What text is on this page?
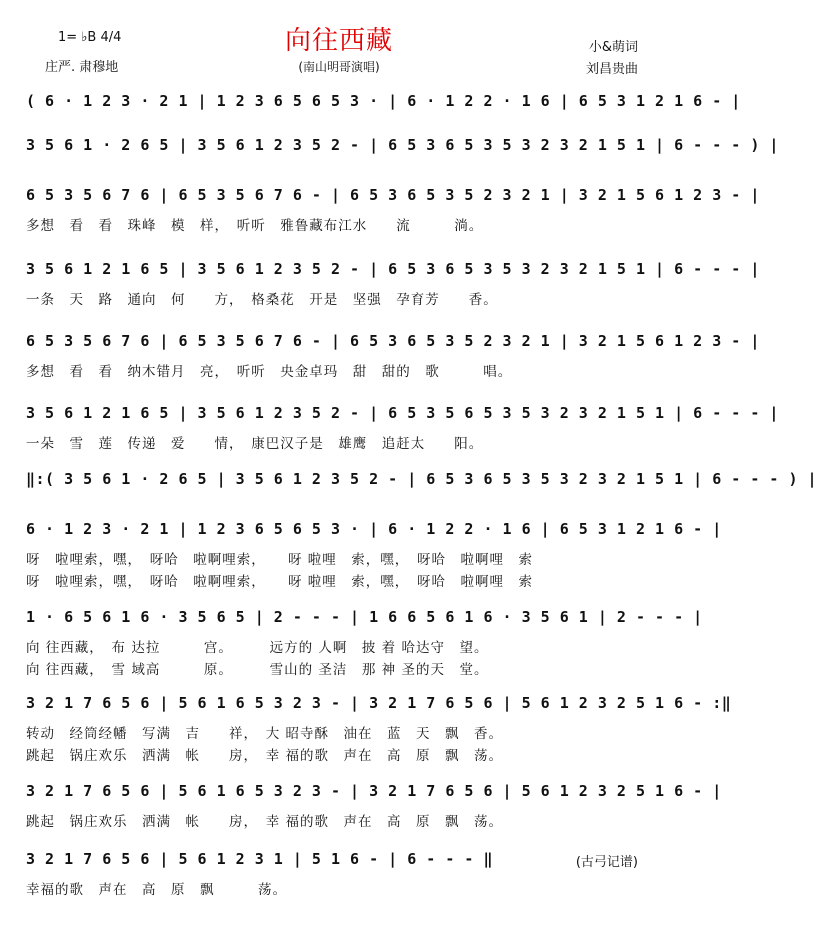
1= ♭B 4/4
庄严. 肃穆地
向往西藏
(南山明哥演唱)
小&萌词
刘昌贵曲
( 6 · 1 2 3 · 2 1 | 1 2 3 6 5 6 5 3 · | 6 · 1 2 2 · 1 6 | 6 5 3 1 2 1 6 - |
3 5 6 1 · 2 6 5 | 3 5 6 1 2 3 5 2 - | 6 5 3 6 5 3 5 3 2 3 2 1 5 1 | 6 - - - ) |
6 5 3 5 6 7 6 | 6 5 3 5 6 7 6 - | 6 5 3 6 5 3 5 2 3 2 1 | 3 2 1 5 6 1 2 3 - |
多想　看　看　珠峰　模　样，　听听　雅鲁藏布江水　　流　　　淌。
3 5 6 1 2 1 6 5 | 3 5 6 1 2 3 5 2 - | 6 5 3 6 5 3 5 3 2 3 2 1 5 1 | 6 - - - |
一条　天　路　通向　何　　方，　格桑花　开是　坚强　孕育芳　　香。
6 5 3 5 6 7 6 | 6 5 3 5 6 7 6 - | 6 5 3 6 5 3 5 2 3 2 1 | 3 2 1 5 6 1 2 3 - |
多想　看　看　纳木错月　亮，　听听　央金卓玛　甜　甜的　歌　　　唱。
3 5 6 1 2 1 6 5 | 3 5 6 1 2 3 5 2 - | 6 5 3 5 6 5 3 5 3 2 3 2 1 5 1 | 6 - - - |
一朵　雪　莲　传递　爱　　情，　康巴汉子是　雄鹰　追赶太　　阳。
‖:( 3 5 6 1 · 2 6 5 | 3 5 6 1 2 3 5 2 - | 6 5 3 6 5 3 5 3 2 3 2 1 5 1 | 6 - - - ) |
6 · 1 2 3 · 2 1 | 1 2 3 6 5 6 5 3 · | 6 · 1 2 2 · 1 6 | 6 5 3 1 2 1 6 - |
呀　啦哩索，嘿，　呀哈　啦啊哩索，　　呀 啦哩　索，嘿，　呀哈　啦啊哩　索
呀　啦哩索，嘿，　呀哈　啦啊哩索，　　呀 啦哩　索，嘿，　呀哈　啦啊哩　索
1 · 6 5 6 1 6 · 3 5 6 5 | 2 - - - | 1 6 6 5 6 1 6 · 3 5 6 1 | 2 - - - |
向 往西藏，　布 达拉　　　宫。　　　远方的 人啊　披 着 哈达守　望。
向 往西藏，　雪 域高　　　原。　　　雪山的 圣洁　那 神 圣的天　堂。
3 2 1 7 6 5 6 | 5 6 1 6 5 3 2 3 - | 3 2 1 7 6 5 6 | 5 6 1 2 3 2 5 1 6 - :‖
转动　经筒经幡　写满　吉　　祥，　大 昭寺酥　油在　蓝　天　飘　香。
跳起　锅庄欢乐　洒满　帐　　房，　幸 福的歌　声在　高　原　飘　荡。
3 2 1 7 6 5 6 | 5 6 1 6 5 3 2 3 - | 3 2 1 7 6 5 6 | 5 6 1 2 3 2 5 1 6 - |
跳起　锅庄欢乐　洒满　帐　　房，　幸 福的歌　声在　高　原　飘　荡。
3 2 1 7 6 5 6 | 5 6 1 2 3 1 | 5 1 6 - | 6 - - - ‖
幸福的歌　声在　高　原　飘　　　荡。
(古弓记谱)
